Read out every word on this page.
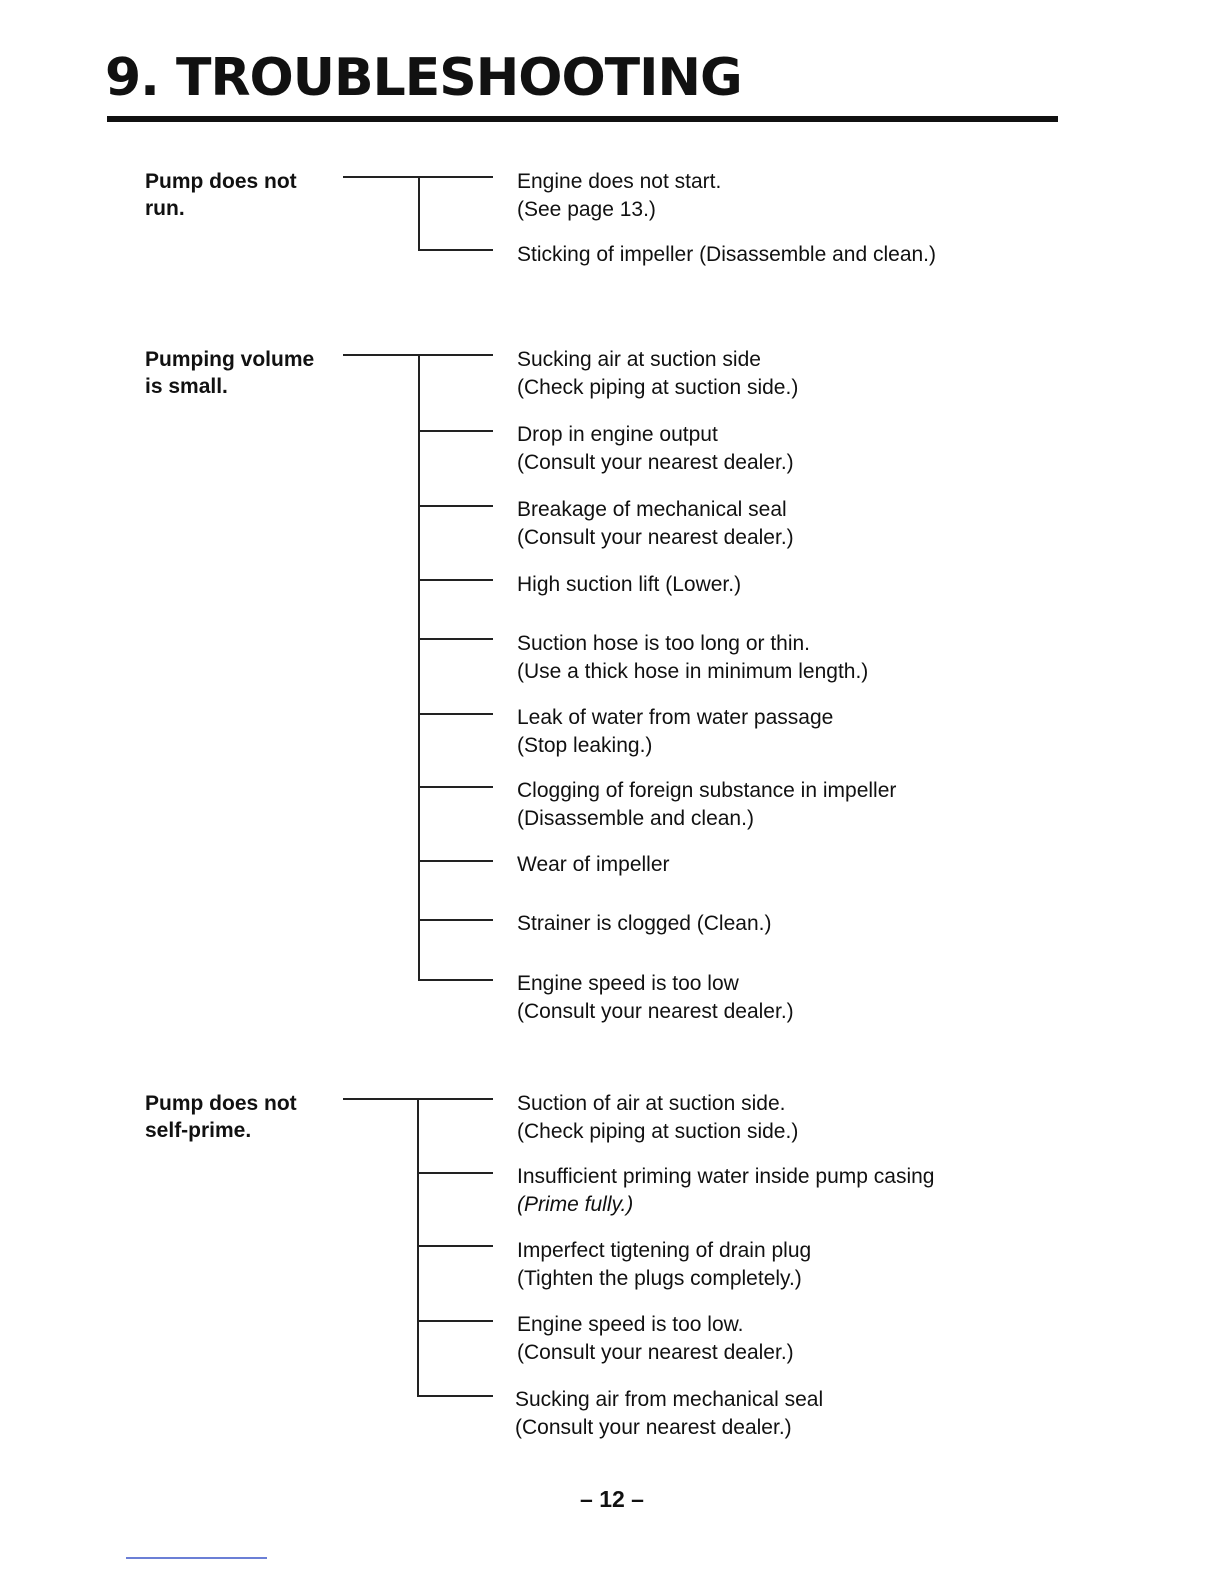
9. TROUBLESHOOTING
Pump does not
run.
Engine does not start.
(See page 13.)
Sticking of impeller (Disassemble and clean.)
Pumping volume
is small.
Sucking air at suction side
(Check piping at suction side.)
Drop in engine output
(Consult your nearest dealer.)
Breakage of mechanical seal
(Consult your nearest dealer.)
High suction lift (Lower.)
Suction hose is too long or thin.
(Use a thick hose in minimum length.)
Leak of water from water passage
(Stop leaking.)
Clogging of foreign substance in impeller
(Disassemble and clean.)
Wear of impeller
Strainer is clogged (Clean.)
Engine speed is too low
(Consult your nearest dealer.)
Pump does not
self-prime.
Suction of air at suction side.
(Check piping at suction side.)
Insufficient priming water inside pump casing
(Prime fully.)
Imperfect tigtening of drain plug
(Tighten the plugs completely.)
Engine speed is too low.
(Consult your nearest dealer.)
Sucking air from mechanical seal
(Consult your nearest dealer.)
– 12 –
